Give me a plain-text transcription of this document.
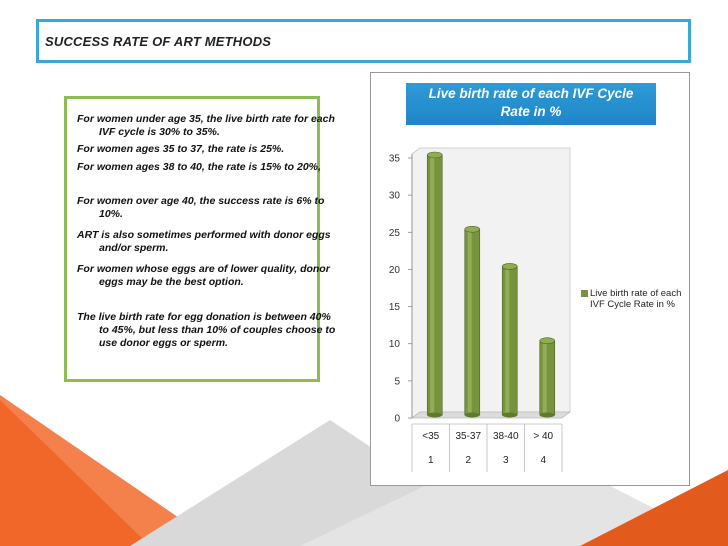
SUCCESS RATE OF ART METHODS
For women under age 35, the live birth rate for each IVF cycle is 30% to 35%.
For women ages 35 to 37, the rate is 25%.
For women ages 38 to 40, the rate is 15% to 20%,
For women over age 40, the success rate is 6% to 10%.
ART is also sometimes performed with donor eggs and/or sperm.
For women whose eggs are of lower quality, donor eggs may be the best option.
The live birth rate for egg donation is between 40% to 45%, but less than 10% of couples choose to use donor eggs or sperm.
Live birth rate of each IVF Cycle
Rate in %
0
5
10
15
20
25
30
35
<35
1
35-37
2
38-40
3
> 40
4
Live birth rate of each IVF Cycle Rate in %
